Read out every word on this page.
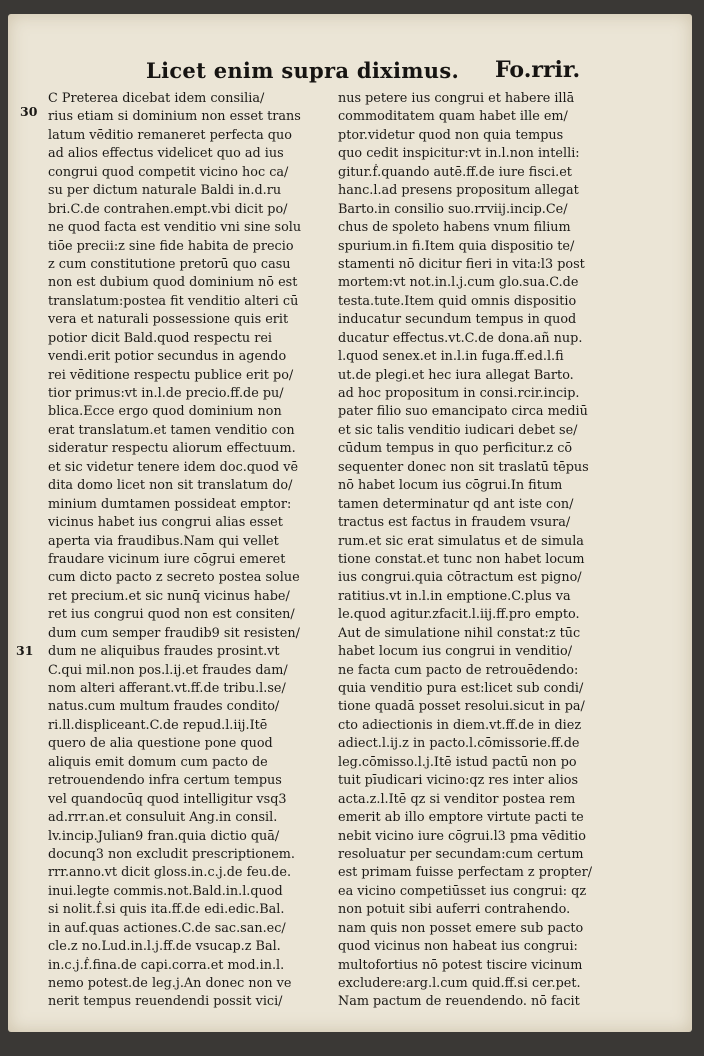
Licet enim supra diximus. Fo.rrir.
30
31
C Preterea dicebat idem consilia/
rius etiam si dominium non esset trans
latum vēditio remaneret perfecta quo
ad alios effectus videlicet quo ad ius
congrui quod competit vicino hoc ca/
su per dictum naturale Baldi in.d.ru
bri.C.de contrahen.empt.vbi dicit po/
ne quod facta est venditio vni sine solu
tiōe precii:z sine fide habita de precio
z cum constitutione pretorū quo casu
non est dubium quod dominium nō est
translatum:postea fit venditio alteri cū
vera et naturali possessione quis erit
potior dicit Bald.quod respectu rei
vendi.erit potior secundus in agendo
rei vēditione respectu publice erit po/
tior primus:vt in.l.de precio.ff.de pu/
blica.Ecce ergo quod dominium non
erat translatum.et tamen venditio con
sideratur respectu aliorum effectuum.
et sic videtur tenere idem doc.quod vē
dita domo licet non sit translatum do/
minium dumtamen possideat emptor:
vicinus habet ius congrui alias esset
aperta via fraudibus.Nam qui vellet
fraudare vicinum iure cōgrui emeret
cum dicto pacto z secreto postea solue
ret precium.et sic nunq̄ vicinus habe/
ret ius congrui quod non est consiten/
dum cum semper fraudib9 sit resisten/
dum ne aliquibus fraudes prosint.vt
C.qui mil.non pos.l.ij.et fraudes dam/
nom alteri afferant.vt.ff.de tribu.l.se/
natus.cum multum fraudes condito/
ri.ll.displiceant.C.de repud.l.iij.Itē
quero de alia questione pone quod
aliquis emit domum cum pacto de
retrouendendo infra certum tempus
vel quandocūq quod intelligitur vsq3
ad.rrr.an.et consuluit Ang.in consil.
lv.incip.Julian9 fran.quia dictio quā/
docunq3 non excludit prescriptionem.
rrr.anno.vt dicit gloss.in.c.j.de feu.de.
inui.legte commis.not.Bald.in.l.quod
si nolit.ḟ.si quis ita.ff.de edi.edic.Bal.
in auf.quas actiones.C.de sac.san.ec/
cle.z no.Lud.in.l.j.ff.de vsucap.z Bal.
in.c.j.ḟ.fina.de capi.corra.et mod.in.l.
nemo potest.de leg.j.An donec non ve
nerit tempus reuendendi possit vici/
nus petere ius congrui et habere illā
commoditatem quam habet ille em/
ptor.videtur quod non quia tempus
quo cedit inspicitur:vt in.l.non intelli:
gitur.ḟ.quando autē.ff.de iure fisci.et
hanc.l.ad presens propositum allegat
Barto.in consilio suo.rrviij.incip.Ce/
chus de spoleto habens vnum filium
spurium.in fi.Item quia dispositio te/
stamenti nō dicitur fieri in vita:l3 post
mortem:vt not.in.l.j.cum glo.sua.C.de
testa.tute.Item quid omnis dispositio
inducatur secundum tempus in quod
ducatur effectus.vt.C.de dona.añ nup.
l.quod senex.et in.l.in fuga.ff.ed.l.fi
ut.de plegi.et hec iura allegat Barto.
ad hoc propositum in consi.rcir.incip.
pater filio suo emancipato circa mediū
et sic talis venditio iudicari debet se/
cūdum tempus in quo perficitur.z cō
sequenter donec non sit traslatū tēpus
nō habet locum ius cōgrui.In fitum
tamen determinatur qd ant iste con/
tractus est factus in fraudem vsura/
rum.et sic erat simulatus et de simula
tione constat.et tunc non habet locum
ius congrui.quia cōtractum est pigno/
ratitius.vt in.l.in emptione.C.plus va
le.quod agitur.zfacit.l.iij.ff.pro empto.
Aut de simulatione nihil constat:z tūc
habet locum ius congrui in venditio/
ne facta cum pacto de retrouēdendo:
quia venditio pura est:licet sub condi/
tione quadā posset resolui.sicut in pa/
cto adiectionis in diem.vt.ff.de in diez
adiect.l.ij.z in pacto.l.cōmissorie.ff.de
leg.cōmisso.l.j.Itē istud pactū non po
tuit pīudicari vicino:qz res inter alios
acta.z.l.Itē qz si venditor postea rem
emerit ab illo emptore virtute pacti te
nebit vicino iure cōgrui.l3 pma vēditio
resoluatur per secundam:cum certum
est primam fuisse perfectam z propter/
ea vicino competiūsset ius congrui: qz
non potuit sibi auferri contrahendo.
nam quis non posset emere sub pacto
quod vicinus non habeat ius congrui:
multofortius nō potest tiscire vicinum
excludere:arg.l.cum quid.ff.si cer.pet.
Nam pactum de reuendendo. nō facit
